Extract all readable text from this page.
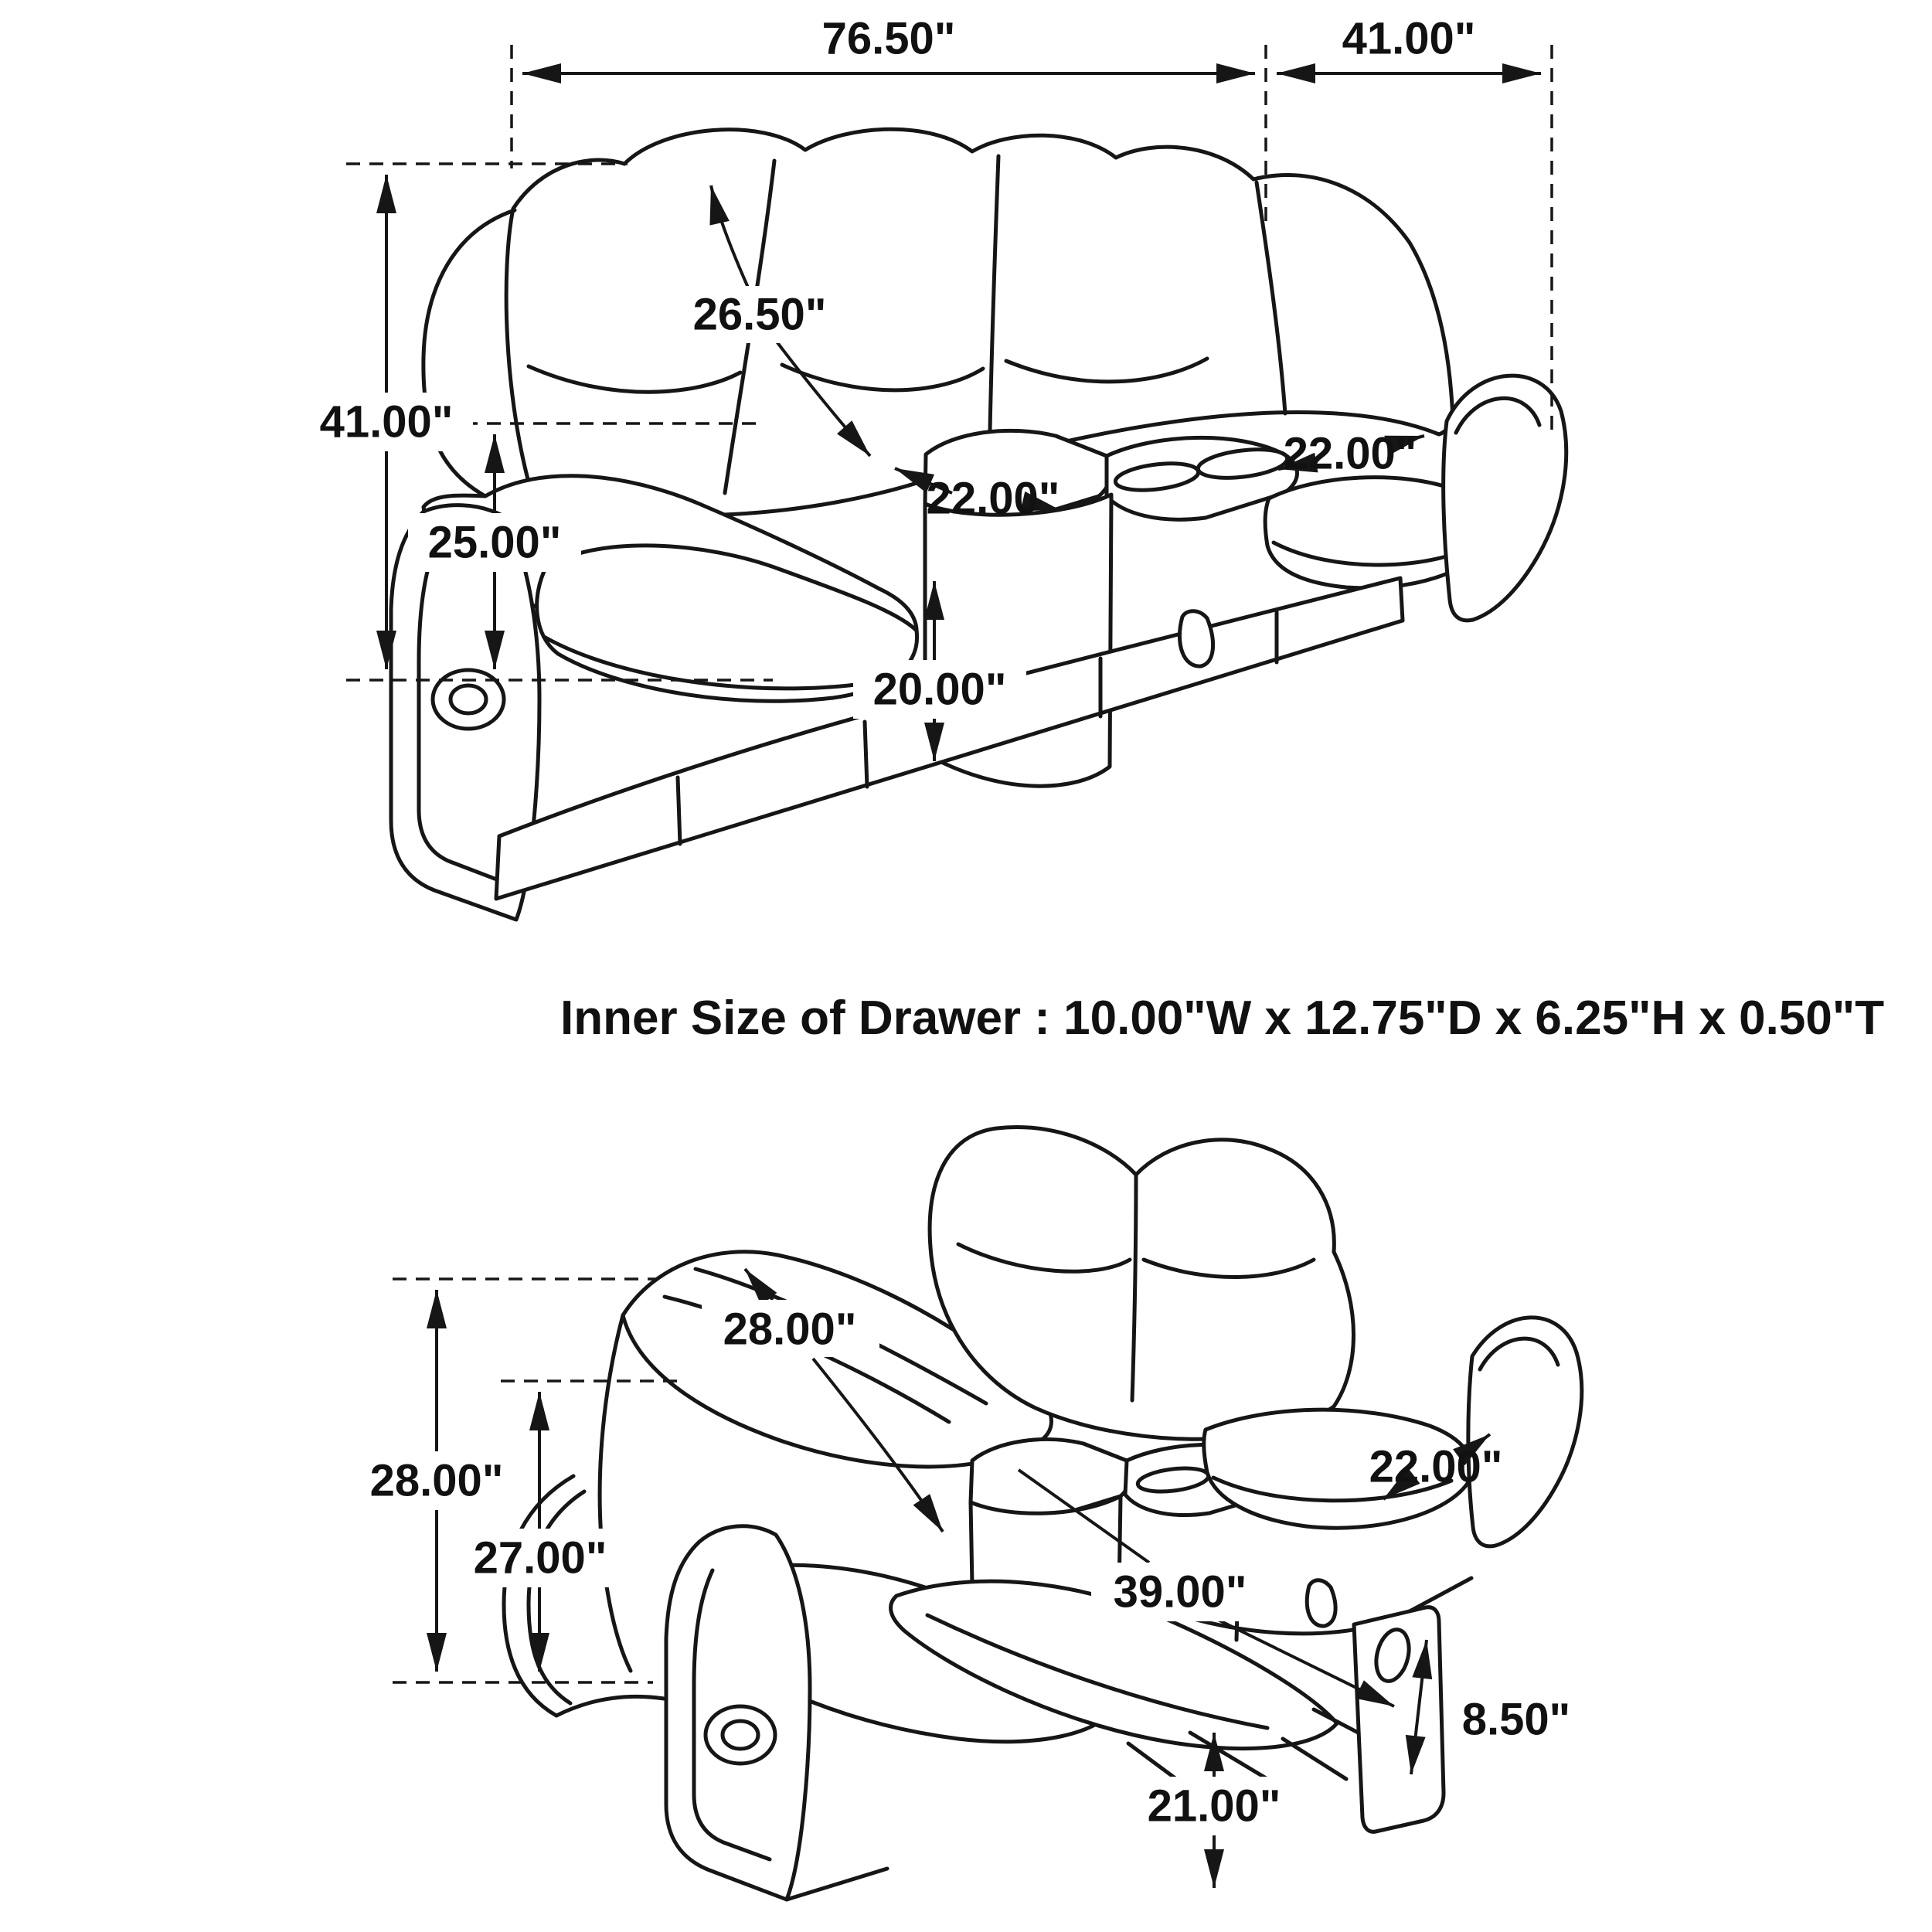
76.50"	41.00"
41.00"
25.00"
26.50"
22.00"
22.00"
20.00"
28.00"
28.00"
27.00"
22.00"
39.00"
8.50"
21.00"
Inner Size of Drawer : 10.00"W x 12.75"D x 6.25"H x 0.50"T
